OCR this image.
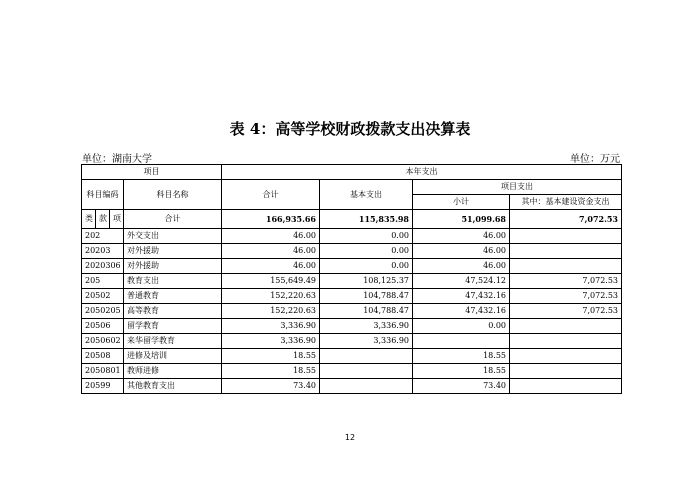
表 4：高等学校财政拨款支出决算表
单位：湖南大学	单位：万元
项目				本年支出			
科目编码			科目名称	合计	基本支出	项目支出	
						小计	其中：基本建设资金支出
类	款	项	合计	166,935.66	115,835.98	51,099.68	7,072.53
202			外交支出	46.00	0.00	46.00	
20203			对外援助	46.00	0.00	46.00	
2020306			对外援助	46.00	0.00	46.00	
205			教育支出	155,649.49	108,125.37	47,524.12	7,072.53
20502			普通教育	152,220.63	104,788.47	47,432.16	7,072.53
2050205			高等教育	152,220.63	104,788.47	47,432.16	7,072.53
20506			留学教育	3,336.90	3,336.90	0.00	
2050602			来华留学教育	3,336.90	3,336.90		
20508			进修及培训	18.55		18.55	
2050801			教师进修	18.55		18.55	
20599			其他教育支出	73.40		73.40	
12
